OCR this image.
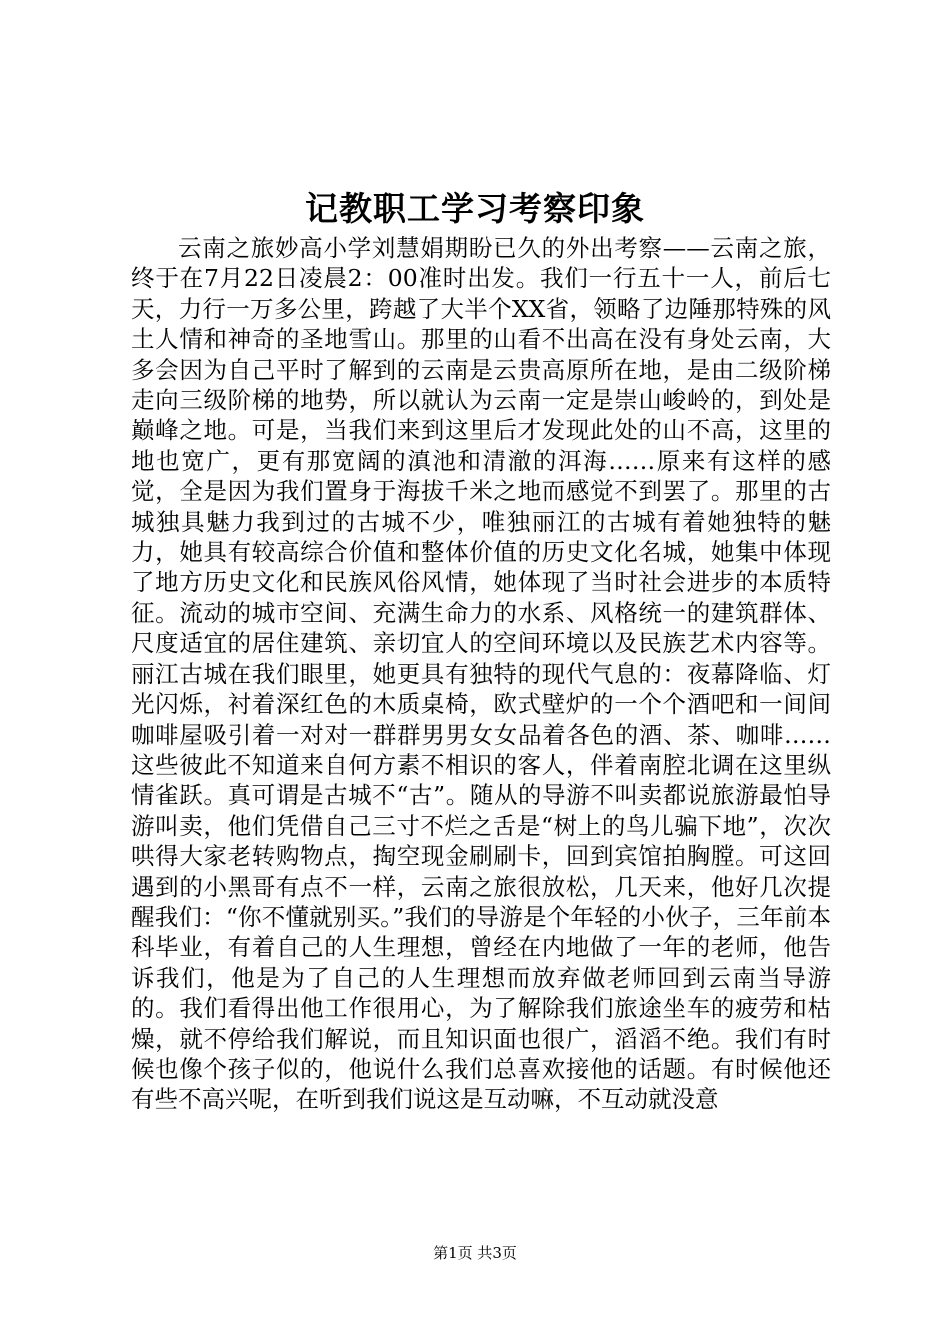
记教职工学习考察印象

云南之旅妙高小学刘慧娟期盼已久的外出考察——云南之旅，终于在7月22日凌晨2：00准时出发。我们一行五十一人，前后七天，力行一万多公里，跨越了大半个XX省，领略了边陲那特殊的风土人情和神奇的圣地雪山。那里的山看不出高在没有身处云南，大多会因为自己平时了解到的云南是云贵高原所在地，是由二级阶梯走向三级阶梯的地势，所以就认为云南一定是崇山峻岭的，到处是巅峰之地。可是，当我们来到这里后才发现此处的山不高，这里的地也宽广，更有那宽阔的滇池和清澈的洱海……原来有这样的感觉，全是因为我们置身于海拔千米之地而感觉不到罢了。那里的古城独具魅力我到过的古城不少，唯独丽江的古城有着她独特的魅力，她具有较高综合价值和整体价值的历史文化名城，她集中体现了地方历史文化和民族风俗风情，她体现了当时社会进步的本质特征。流动的城市空间、充满生命力的水系、风格统一的建筑群体、尺度适宜的居住建筑、亲切宜人的空间环境以及民族艺术内容等。丽江古城在我们眼里，她更具有独特的现代气息的：夜幕降临、灯光闪烁，衬着深红色的木质桌椅，欧式壁炉的一个个酒吧和一间间咖啡屋吸引着一对对一群群男男女女品着各色的酒、茶、咖啡……这些彼此不知道来自何方素不相识的客人，伴着南腔北调在这里纵情雀跃。真可谓是古城不“古”。随从的导游不叫卖都说旅游最怕导游叫卖，他们凭借自己三寸不烂之舌是“树上的鸟儿骗下地”，次次哄得大家老转购物点，掏空现金刷刷卡，回到宾馆拍胸膛。可这回遇到的小黑哥有点不一样，云南之旅很放松，几天来，他好几次提醒我们：“你不懂就别买。”我们的导游是个年轻的小伙子，三年前本科毕业，有着自己的人生理想，曾经在内地做了一年的老师，他告诉我们，他是为了自己的人生理想而放弃做老师回到云南当导游的。我们看得出他工作很用心，为了解除我们旅途坐车的疲劳和枯燥，就不停给我们解说，而且知识面也很广，滔滔不绝。我们有时候也像个孩子似的，他说什么我们总喜欢接他的话题。有时候他还有些不高兴呢，在听到我们说这是互动嘛，不互动就没意

第1页 共3页
